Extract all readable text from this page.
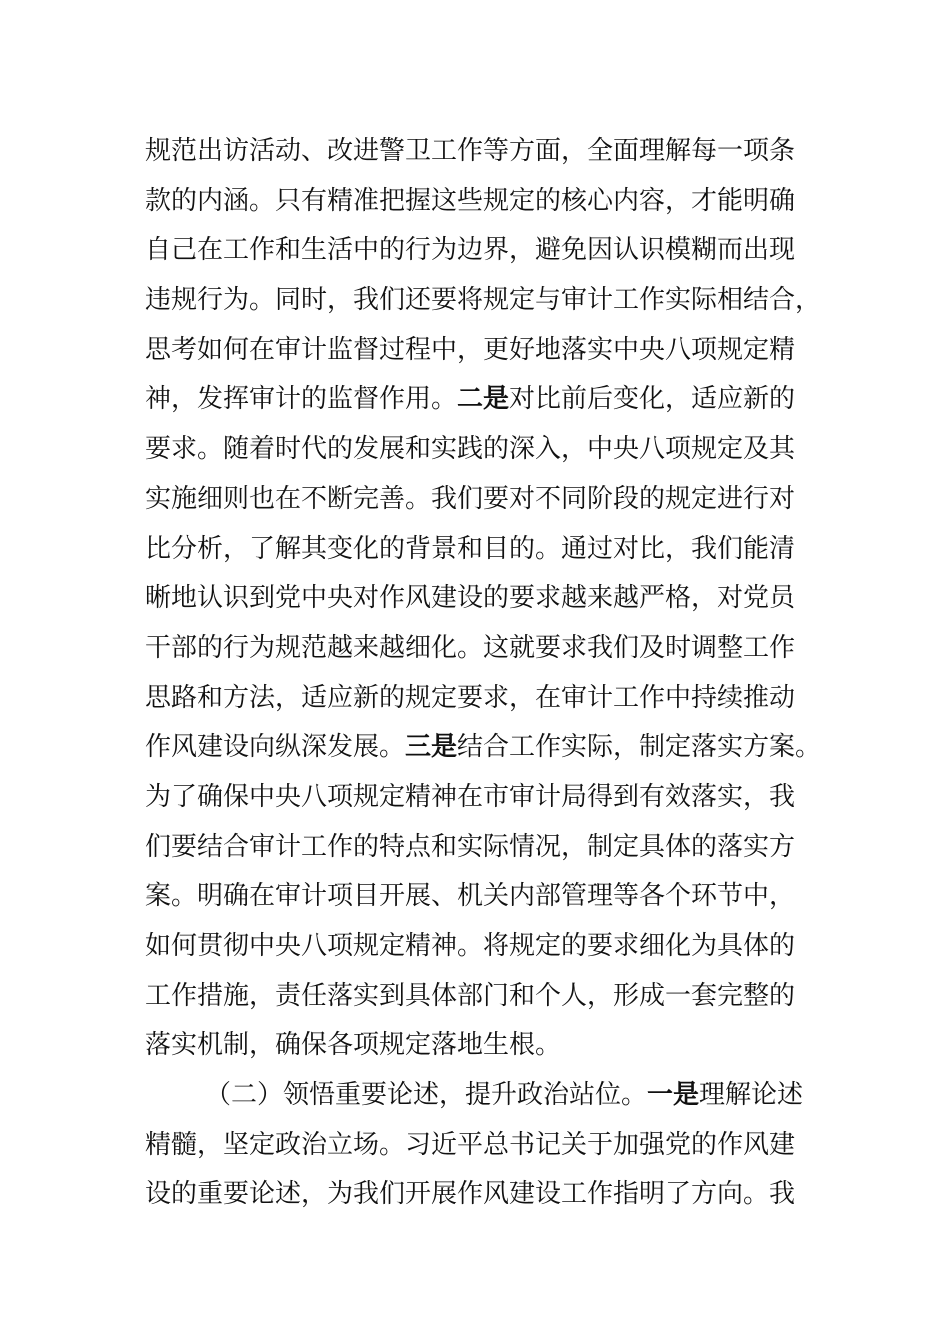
规范出访活动、改进警卫工作等方面，全面理解每一项条
款的内涵。只有精准把握这些规定的核心内容，才能明确
自己在工作和生活中的行为边界，避免因认识模糊而出现
违规行为。同时，我们还要将规定与审计工作实际相结合，
思考如何在审计监督过程中，更好地落实中央八项规定精
神，发挥审计的监督作用。二是对比前后变化，适应新的
要求。随着时代的发展和实践的深入，中央八项规定及其
实施细则也在不断完善。我们要对不同阶段的规定进行对
比分析，了解其变化的背景和目的。通过对比，我们能清
晰地认识到党中央对作风建设的要求越来越严格，对党员
干部的行为规范越来越细化。这就要求我们及时调整工作
思路和方法，适应新的规定要求，在审计工作中持续推动
作风建设向纵深发展。三是结合工作实际，制定落实方案。
为了确保中央八项规定精神在市审计局得到有效落实，我
们要结合审计工作的特点和实际情况，制定具体的落实方
案。明确在审计项目开展、机关内部管理等各个环节中，
如何贯彻中央八项规定精神。将规定的要求细化为具体的
工作措施，责任落实到具体部门和个人，形成一套完整的
落实机制，确保各项规定落地生根。
（二）领悟重要论述，提升政治站位。一是理解论述
精髓，坚定政治立场。习近平总书记关于加强党的作风建
设的重要论述，为我们开展作风建设工作指明了方向。我
